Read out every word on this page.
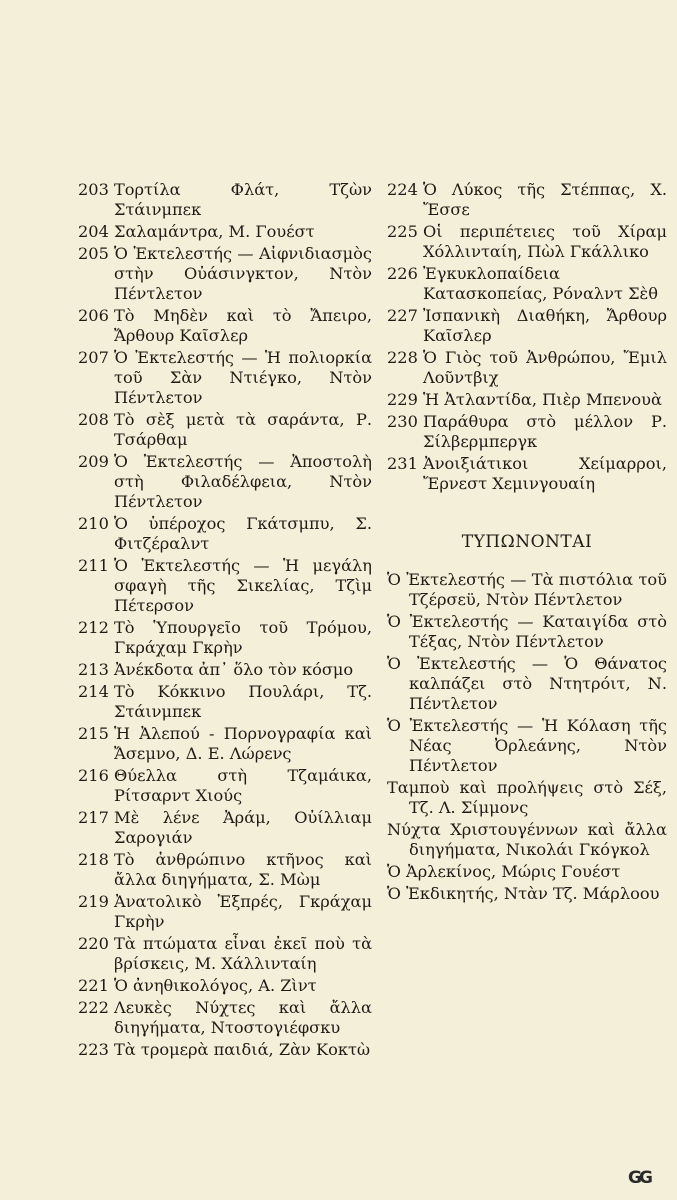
203 Τορτίλα Φλάτ, Τζὼν Στάινμπεκ
204 Σαλαμάντρα, Μ. Γουέστ
205 Ὁ Ἐκτελεστής — Αἰφνιδιασμὸς στὴν Οὐάσινγκτον, Ντὸν Πέντλετον
206 Τὸ Μηδὲν καὶ τὸ Ἄπειρο, Ἄρθουρ Καῖσλερ
207 Ὁ Ἐκτελεστής — Ἡ πολιορκία τοῦ Σὰν Ντιέγκο, Ντὸν Πέντλετον
208 Τὸ σὲξ μετὰ τὰ σαράντα, Ρ. Τσάρθαμ
209 Ὁ Ἐκτελεστής — Ἀποστολὴ στὴ Φιλαδέλφεια, Ντὸν Πέντλετον
210 Ὁ ὑπέροχος Γκάτσμπυ, Σ. Φιτζέραλντ
211 Ὁ Ἐκτελεστής — Ἡ μεγάλη σφαγὴ τῆς Σικελίας, Τζὶμ Πέτερσον
212 Τὸ Ὑπουργεῖο τοῦ Τρόμου, Γκράχαμ Γκρὴν
213 Ἀνέκδοτα ἀπ᾽ ὅλο τὸν κόσμο
214 Τὸ Κόκκινο Πουλάρι, Τζ. Στάινμπεκ
215 Ἡ Ἀλεπού - Πορνογραφία καὶ Ἄσεμνο, Δ. Ε. Λώρενς
216 Θύελλα στὴ Τζαμάικα, Ρίτσαρντ Χιούς
217 Μὲ λένε Ἀράμ, Οὐίλλιαμ Σαρογιάν
218 Τὸ ἀνθρώπινο κτῆνος καὶ ἄλλα διηγήματα, Σ. Μὼμ
219 Ἀνατολικὸ Ἐξπρές, Γκράχαμ Γκρὴν
220 Τὰ πτώματα εἶναι ἐκεῖ ποὺ τὰ βρίσκεις, Μ. Χάλλινταίη
221 Ὁ ἀνηθικολόγος, Α. Ζὶντ
222 Λευκὲς Νύχτες καὶ ἄλλα διηγήματα, Ντοστογιέφσκυ
223 Τὰ τρομερὰ παιδιά, Ζὰν Κοκτὼ
224 Ὁ Λύκος τῆς Στέππας, Χ. Ἔσσε
225 Οἱ περιπέτειες τοῦ Χίραμ Χόλλινταίη, Πὼλ Γκάλλικο
226 Ἐγκυκλοπαίδεια Κατασκοπείας, Ρόναλντ Σὲθ
227 Ἰσπανικὴ Διαθήκη, Ἄρθουρ Καῖσλερ
228 Ὁ Γιὸς τοῦ Ἀνθρώπου, Ἔμιλ Λοῦντβιχ
229 Ἡ Ἀτλαντίδα, Πιὲρ Μπενουὰ
230 Παράθυρα στὸ μέλλον Ρ. Σίλβερμπεργκ
231 Ἀνοιξιάτικοι Χείμαρροι, Ἔρνεστ Χεμινγουαίη
ΤΥΠΩΝΟΝΤΑΙ
Ὁ Ἐκτελεστής — Τὰ πιστόλια τοῦ Τζέρσεϋ, Ντὸν Πέντλετον
Ὁ Ἐκτελεστής — Καταιγίδα στὸ Τέξας, Ντὸν Πέντλετον
Ὁ Ἐκτελεστής — Ὁ Θάνατος καλπάζει στὸ Ντητρόιτ, Ν. Πέντλετον
Ὁ Ἐκτελεστής — Ἡ Κόλαση τῆς Νέας Ὀρλεάνης, Ντὸν Πέντλετον
Ταμποὺ καὶ προλήψεις στὸ Σέξ, Τζ. Λ. Σίμμονς
Νύχτα Χριστουγέννων καὶ ἄλλα διηγήματα, Νικολάι Γκόγκολ
Ὁ Ἀρλεκίνος, Μώρις Γουέστ
Ὁ Ἐκδικητής, Ντὰν Τζ. Μάρλοου
GG
